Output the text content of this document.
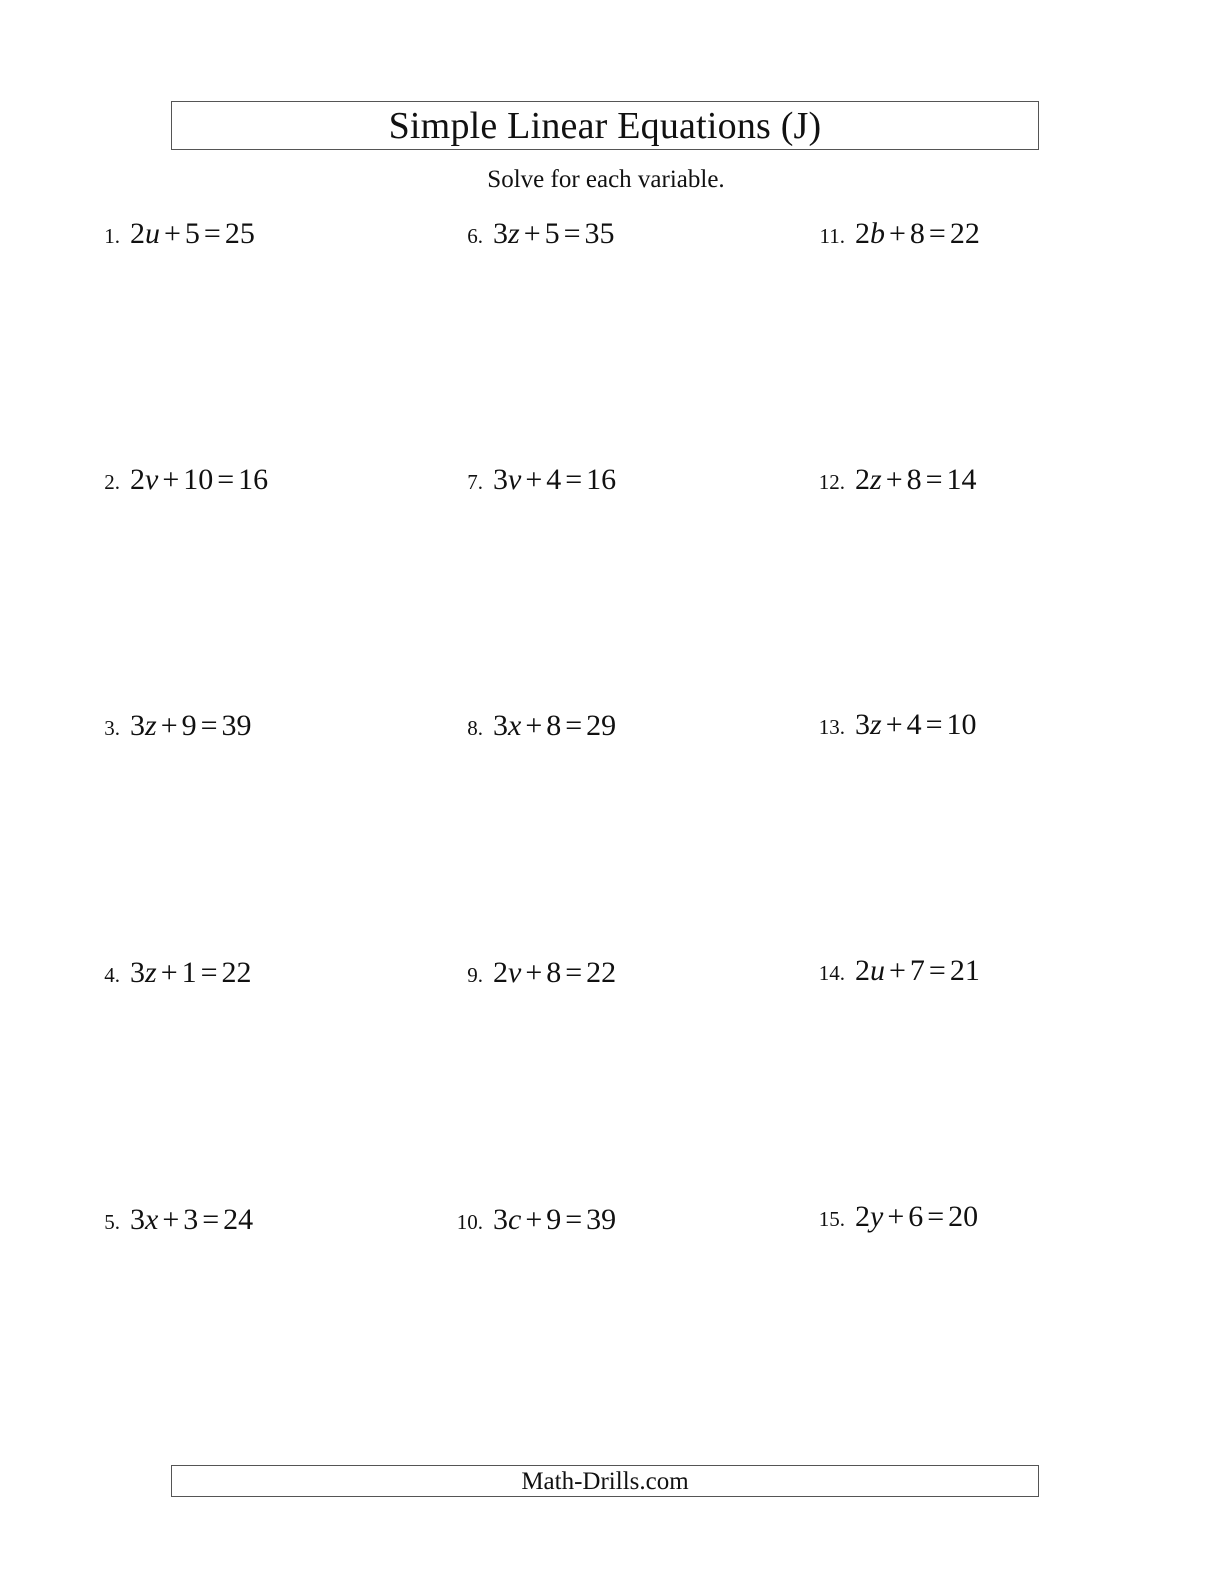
Simple Linear Equations (J)
Solve for each variable.
1. 2u + 5 = 25
2. 2v + 10 = 16
3. 3z + 9 = 39
4. 3z + 1 = 22
5. 3x + 3 = 24
6. 3z + 5 = 35
7. 3v + 4 = 16
8. 3x + 8 = 29
9. 2v + 8 = 22
10. 3c + 9 = 39
11. 2b + 8 = 22
12. 2z + 8 = 14
13. 3z + 4 = 10
14. 2u + 7 = 21
15. 2y + 6 = 20
Math-Drills.com
